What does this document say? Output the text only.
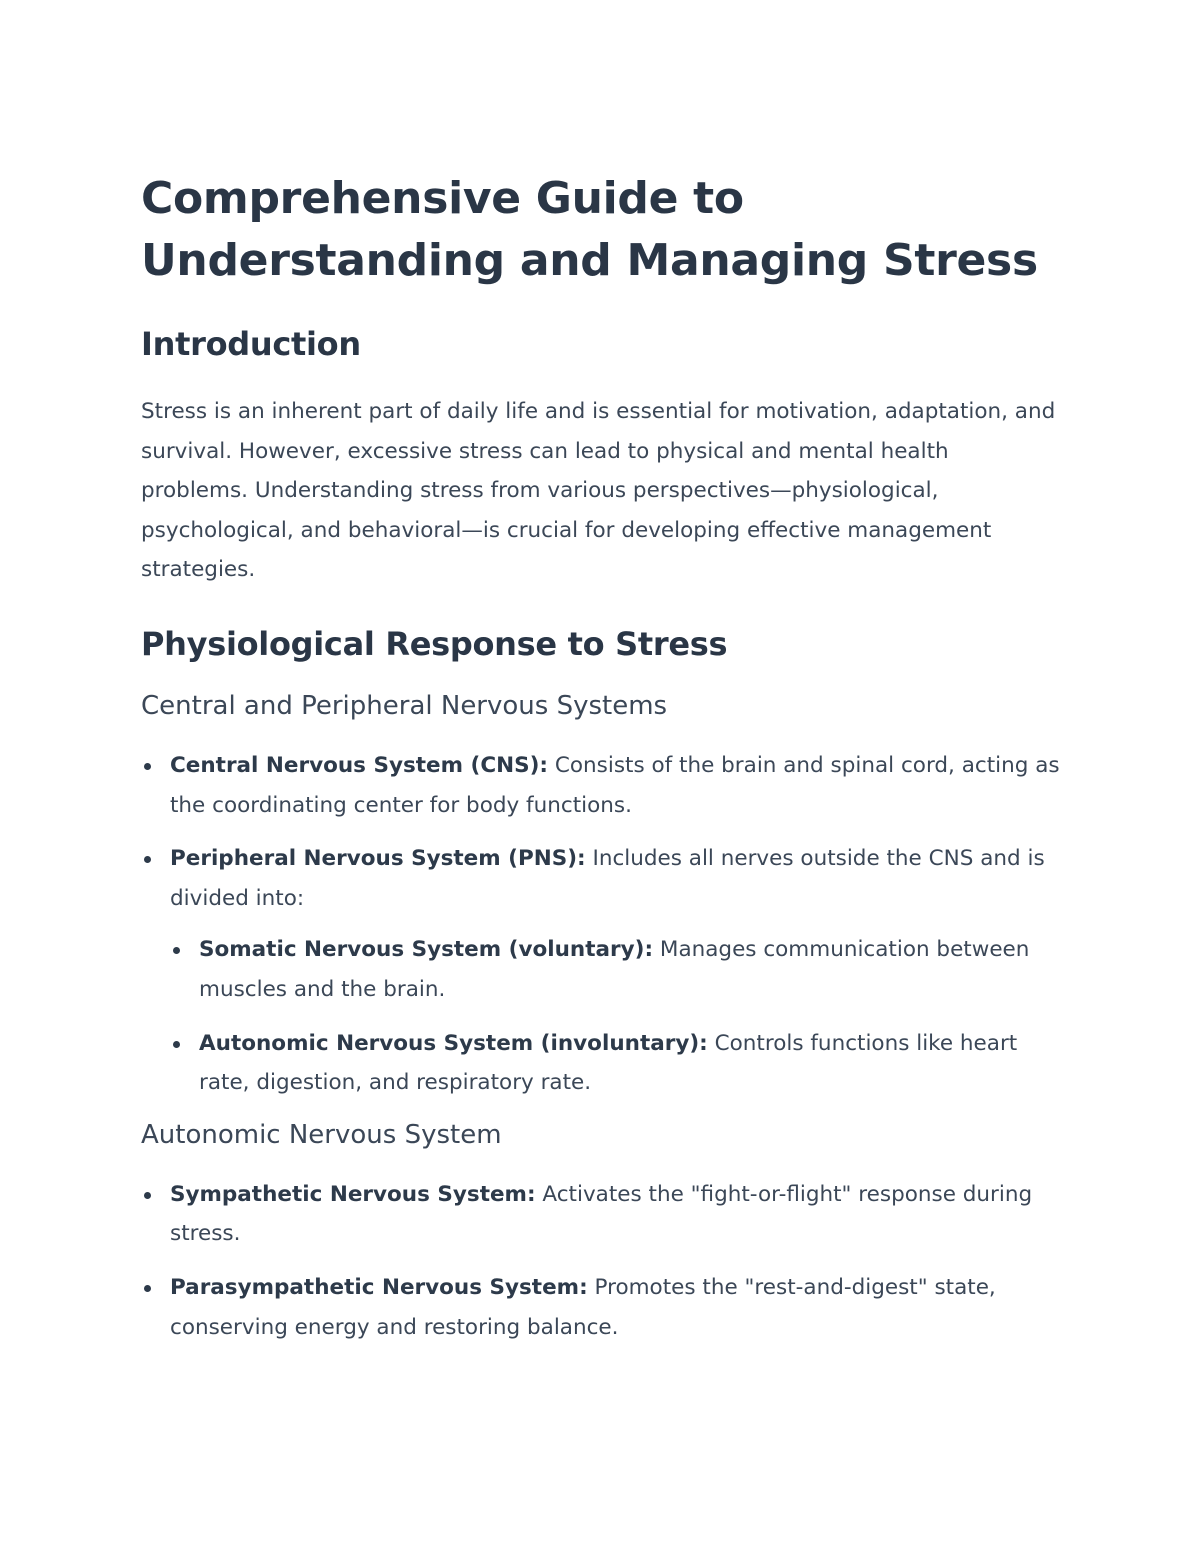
Comprehensive Guide to Understanding and Managing Stress
Introduction

Stress is an inherent part of daily life and is essential for motivation, adaptation, and survival. However, excessive stress can lead to physical and mental health problems. Understanding stress from various perspectives—physiological, psychological, and behavioral—is crucial for developing effective management strategies.

Physiological Response to Stress
Central and Peripheral Nervous Systems
Central Nervous System (CNS): Consists of the brain and spinal cord, acting as the coordinating center for body functions.
Peripheral Nervous System (PNS): Includes all nerves outside the CNS and is divided into:
Somatic Nervous System (voluntary): Manages communication between muscles and the brain.
Autonomic Nervous System (involuntary): Controls functions like heart rate, digestion, and respiratory rate.
Autonomic Nervous System
Sympathetic Nervous System: Activates the "fight-or-flight" response during stress.
Parasympathetic Nervous System: Promotes the "rest-and-digest" state, conserving energy and restoring balance.
